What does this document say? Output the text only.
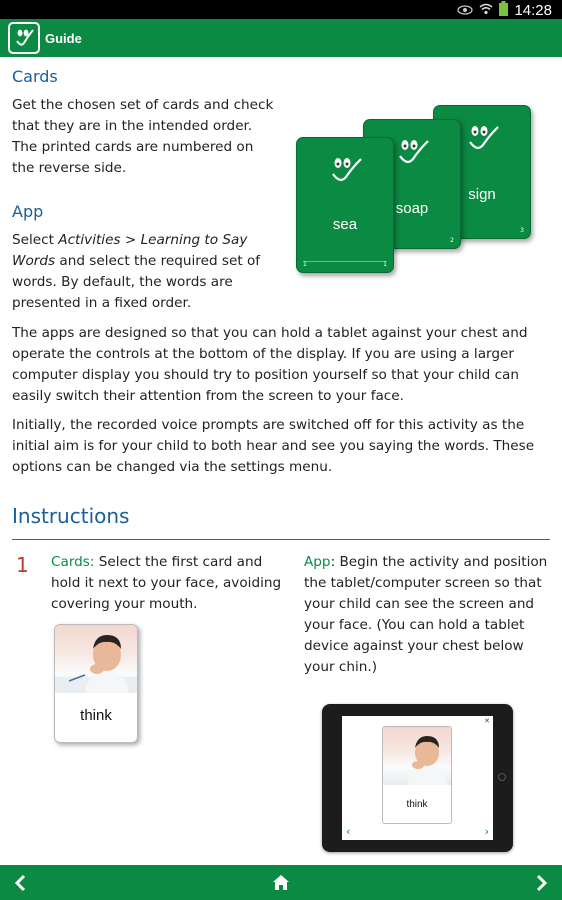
14:28
Guide
Cards
Get the chosen set of cards and check that they are in the intended order. The printed cards are numbered on the reverse side.
App
Select Activities > Learning to Say Words and select the required set of words. By default, the words are presented in a fixed order.
sign
3
soap
2
sea
1	1
The apps are designed so that you can hold a tablet against your chest and operate the controls at the bottom of the display. If you are using a larger computer display you should try to position yourself so that your child can easily switch their attention from the screen to your face.
Initially, the recorded voice prompts are switched off for this activity as the initial aim is for your child to both hear and see you saying the words. These options can be changed via the settings menu.
Instructions
1 Cards: Select the first card and hold it next to your face, avoiding covering your mouth.
App: Begin the activity and position the tablet/computer screen so that your child can see the screen and your face. (You can hold a tablet device against your chest below your chin.)
think	✕
think
‹	›
